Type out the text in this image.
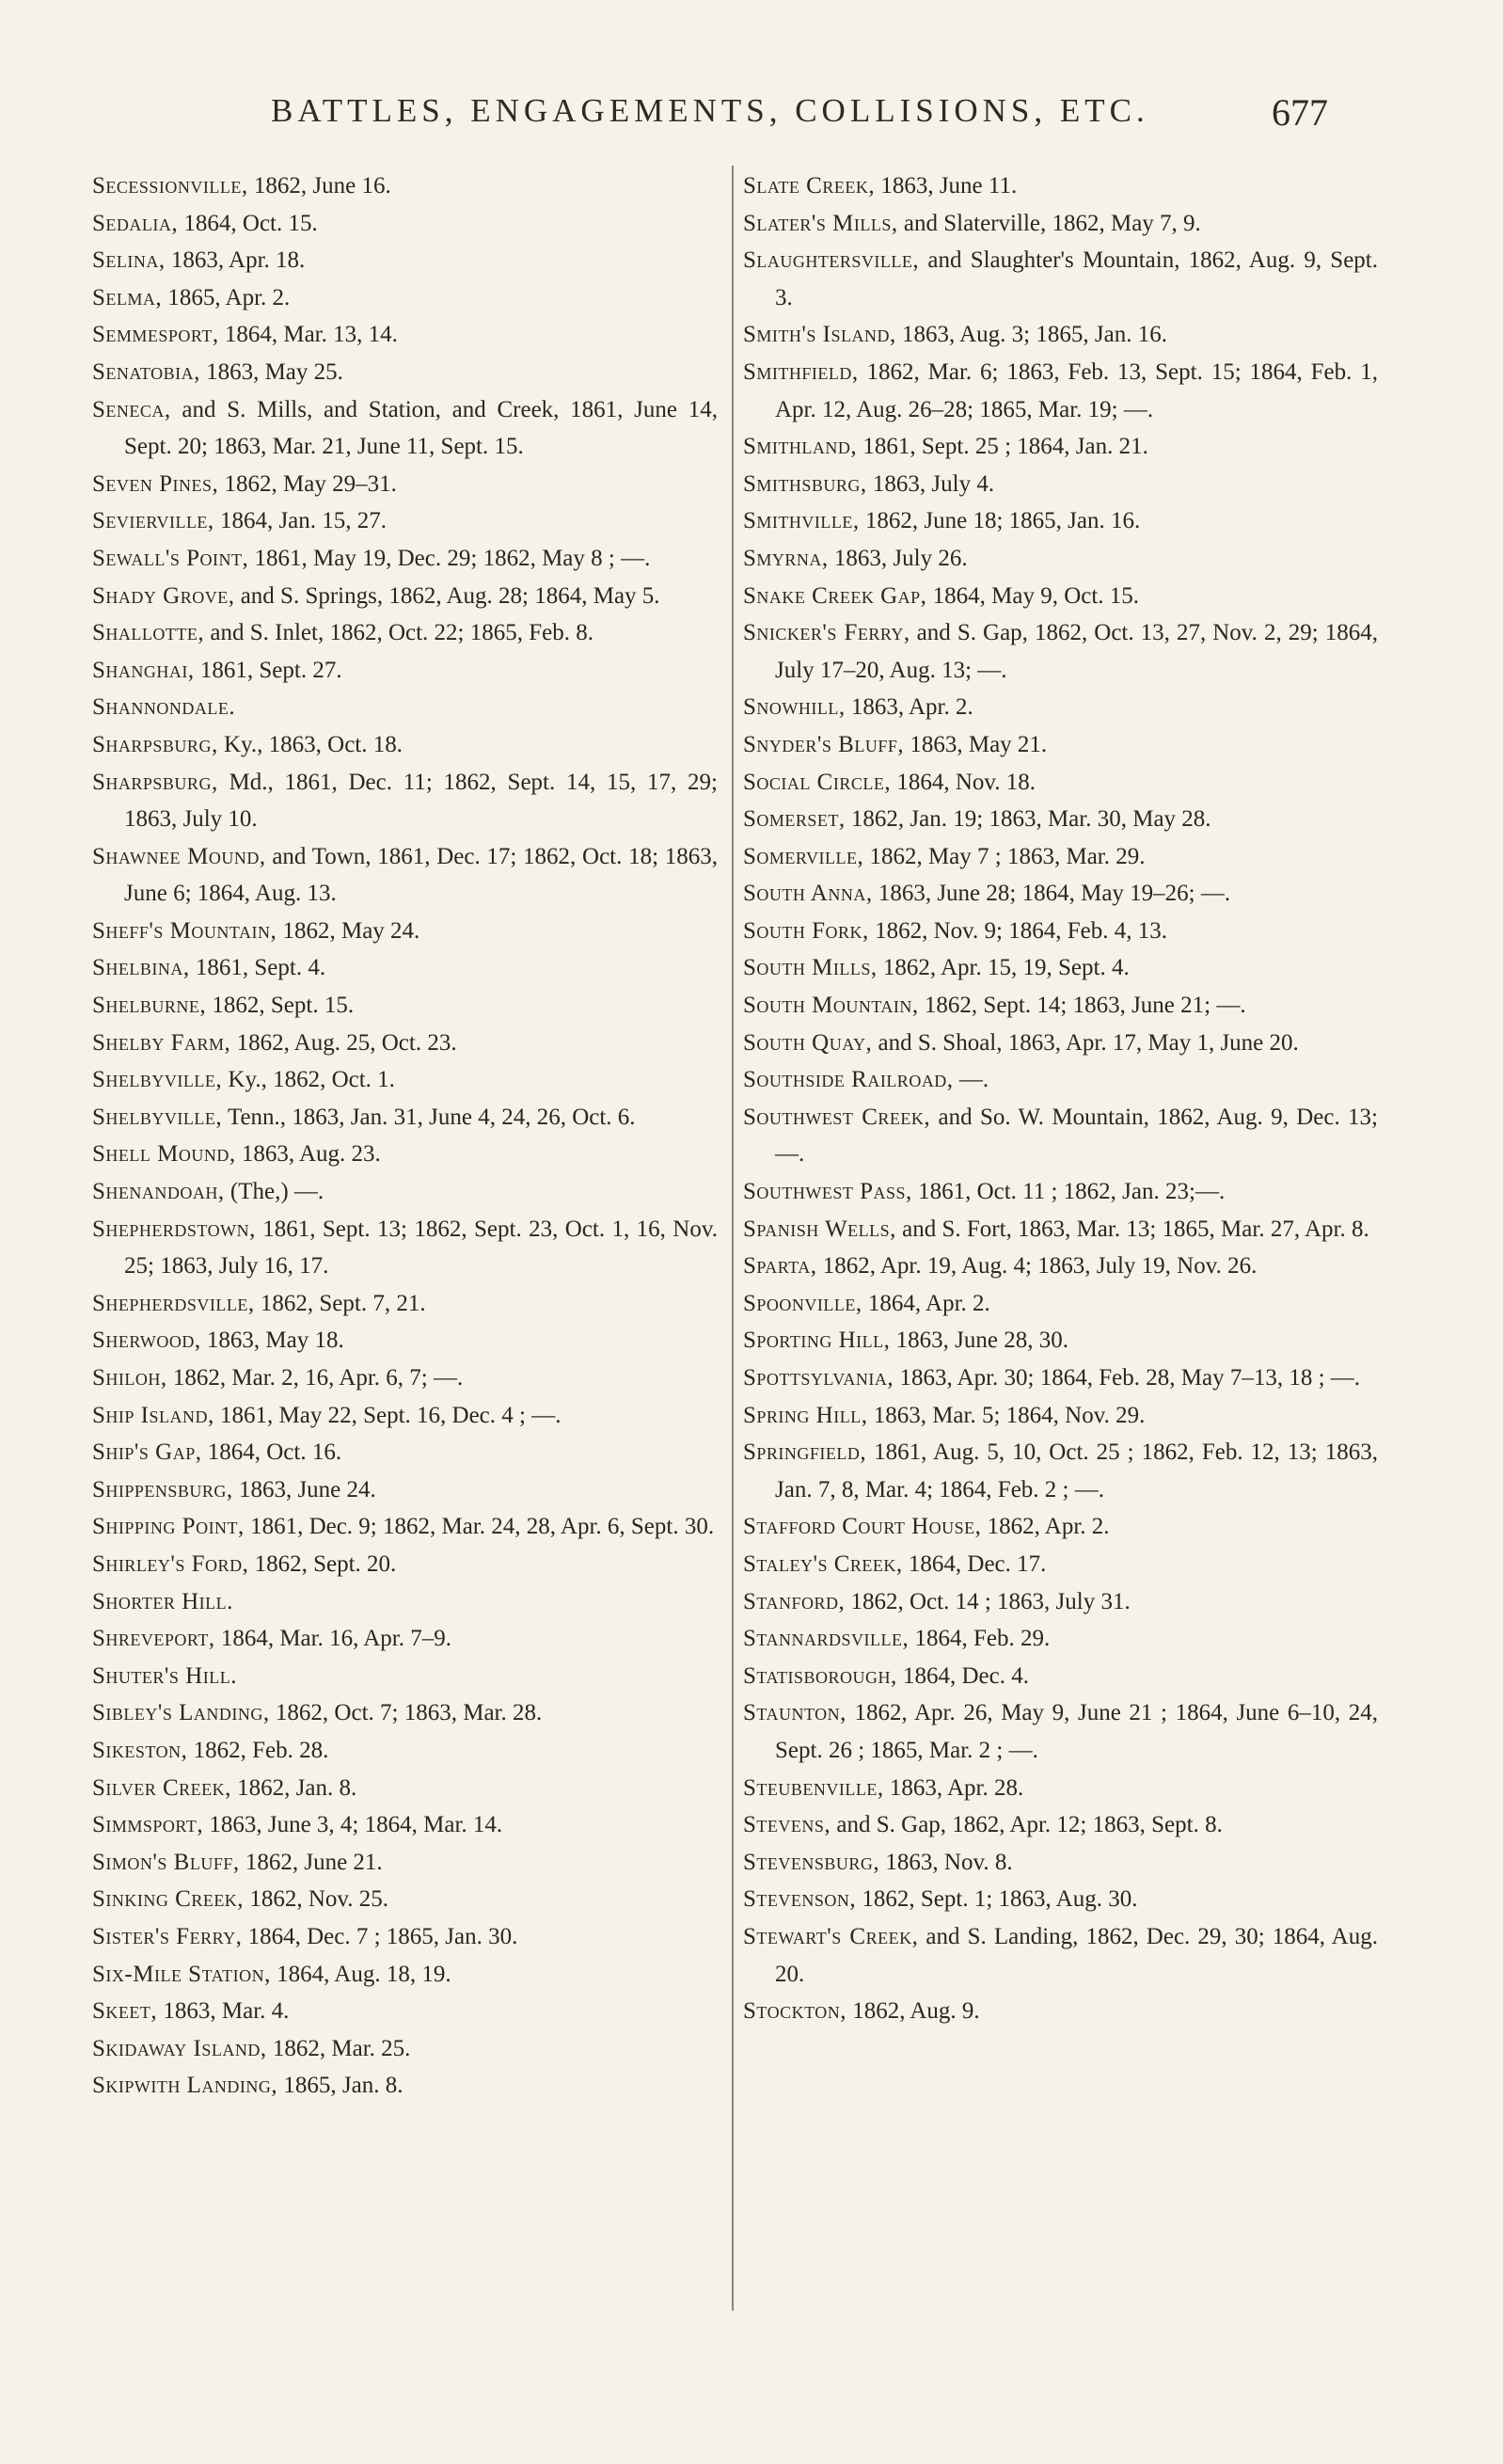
BATTLES, ENGAGEMENTS, COLLISIONS, ETC.	677
Secessionville, 1862, June 16.
Sedalia, 1864, Oct. 15.
Selina, 1863, Apr. 18.
Selma, 1865, Apr. 2.
Semmesport, 1864, Mar. 13, 14.
Senatobia, 1863, May 25.
Seneca, and S. Mills, and Station, and Creek, 1861, June 14, Sept. 20; 1863, Mar. 21, June 11, Sept. 15.
Seven Pines, 1862, May 29–31.
Sevierville, 1864, Jan. 15, 27.
Sewall's Point, 1861, May 19, Dec. 29; 1862, May 8 ; —.
Shady Grove, and S. Springs, 1862, Aug. 28; 1864, May 5.
Shallotte, and S. Inlet, 1862, Oct. 22; 1865, Feb. 8.
Shanghai, 1861, Sept. 27.
Shannondale.
Sharpsburg, Ky., 1863, Oct. 18.
Sharpsburg, Md., 1861, Dec. 11; 1862, Sept. 14, 15, 17, 29; 1863, July 10.
Shawnee Mound, and Town, 1861, Dec. 17; 1862, Oct. 18; 1863, June 6; 1864, Aug. 13.
Sheff's Mountain, 1862, May 24.
Shelbina, 1861, Sept. 4.
Shelburne, 1862, Sept. 15.
Shelby Farm, 1862, Aug. 25, Oct. 23.
Shelbyville, Ky., 1862, Oct. 1.
Shelbyville, Tenn., 1863, Jan. 31, June 4, 24, 26, Oct. 6.
Shell Mound, 1863, Aug. 23.
Shenandoah, (The,) —.
Shepherdstown, 1861, Sept. 13; 1862, Sept. 23, Oct. 1, 16, Nov. 25; 1863, July 16, 17.
Shepherdsville, 1862, Sept. 7, 21.
Sherwood, 1863, May 18.
Shiloh, 1862, Mar. 2, 16, Apr. 6, 7; —.
Ship Island, 1861, May 22, Sept. 16, Dec. 4 ; —.
Ship's Gap, 1864, Oct. 16.
Shippensburg, 1863, June 24.
Shipping Point, 1861, Dec. 9; 1862, Mar. 24, 28, Apr. 6, Sept. 30.
Shirley's Ford, 1862, Sept. 20.
Shorter Hill.
Shreveport, 1864, Mar. 16, Apr. 7–9.
Shuter's Hill.
Sibley's Landing, 1862, Oct. 7; 1863, Mar. 28.
Sikeston, 1862, Feb. 28.
Silver Creek, 1862, Jan. 8.
Simmsport, 1863, June 3, 4; 1864, Mar. 14.
Simon's Bluff, 1862, June 21.
Sinking Creek, 1862, Nov. 25.
Sister's Ferry, 1864, Dec. 7 ; 1865, Jan. 30.
Six-Mile Station, 1864, Aug. 18, 19.
Skeet, 1863, Mar. 4.
Skidaway Island, 1862, Mar. 25.
Skipwith Landing, 1865, Jan. 8.
Slate Creek, 1863, June 11.
Slater's Mills, and Slaterville, 1862, May 7, 9.
Slaughtersville, and Slaughter's Mountain, 1862, Aug. 9, Sept. 3.
Smith's Island, 1863, Aug. 3; 1865, Jan. 16.
Smithfield, 1862, Mar. 6; 1863, Feb. 13, Sept. 15; 1864, Feb. 1, Apr. 12, Aug. 26–28; 1865, Mar. 19; —.
Smithland, 1861, Sept. 25 ; 1864, Jan. 21.
Smithsburg, 1863, July 4.
Smithville, 1862, June 18; 1865, Jan. 16.
Smyrna, 1863, July 26.
Snake Creek Gap, 1864, May 9, Oct. 15.
Snicker's Ferry, and S. Gap, 1862, Oct. 13, 27, Nov. 2, 29; 1864, July 17–20, Aug. 13; —.
Snowhill, 1863, Apr. 2.
Snyder's Bluff, 1863, May 21.
Social Circle, 1864, Nov. 18.
Somerset, 1862, Jan. 19; 1863, Mar. 30, May 28.
Somerville, 1862, May 7 ; 1863, Mar. 29.
South Anna, 1863, June 28; 1864, May 19–26; —.
South Fork, 1862, Nov. 9; 1864, Feb. 4, 13.
South Mills, 1862, Apr. 15, 19, Sept. 4.
South Mountain, 1862, Sept. 14; 1863, June 21; —.
South Quay, and S. Shoal, 1863, Apr. 17, May 1, June 20.
Southside Railroad, —.
Southwest Creek, and So. W. Mountain, 1862, Aug. 9, Dec. 13; —.
Southwest Pass, 1861, Oct. 11 ; 1862, Jan. 23;—.
Spanish Wells, and S. Fort, 1863, Mar. 13; 1865, Mar. 27, Apr. 8.
Sparta, 1862, Apr. 19, Aug. 4; 1863, July 19, Nov. 26.
Spoonville, 1864, Apr. 2.
Sporting Hill, 1863, June 28, 30.
Spottsylvania, 1863, Apr. 30; 1864, Feb. 28, May 7–13, 18 ; —.
Spring Hill, 1863, Mar. 5; 1864, Nov. 29.
Springfield, 1861, Aug. 5, 10, Oct. 25 ; 1862, Feb. 12, 13; 1863, Jan. 7, 8, Mar. 4; 1864, Feb. 2 ; —.
Stafford Court House, 1862, Apr. 2.
Staley's Creek, 1864, Dec. 17.
Stanford, 1862, Oct. 14 ; 1863, July 31.
Stannardsville, 1864, Feb. 29.
Statisborough, 1864, Dec. 4.
Staunton, 1862, Apr. 26, May 9, June 21 ; 1864, June 6–10, 24, Sept. 26 ; 1865, Mar. 2 ; —.
Steubenville, 1863, Apr. 28.
Stevens, and S. Gap, 1862, Apr. 12; 1863, Sept. 8.
Stevensburg, 1863, Nov. 8.
Stevenson, 1862, Sept. 1; 1863, Aug. 30.
Stewart's Creek, and S. Landing, 1862, Dec. 29, 30; 1864, Aug. 20.
Stockton, 1862, Aug. 9.
